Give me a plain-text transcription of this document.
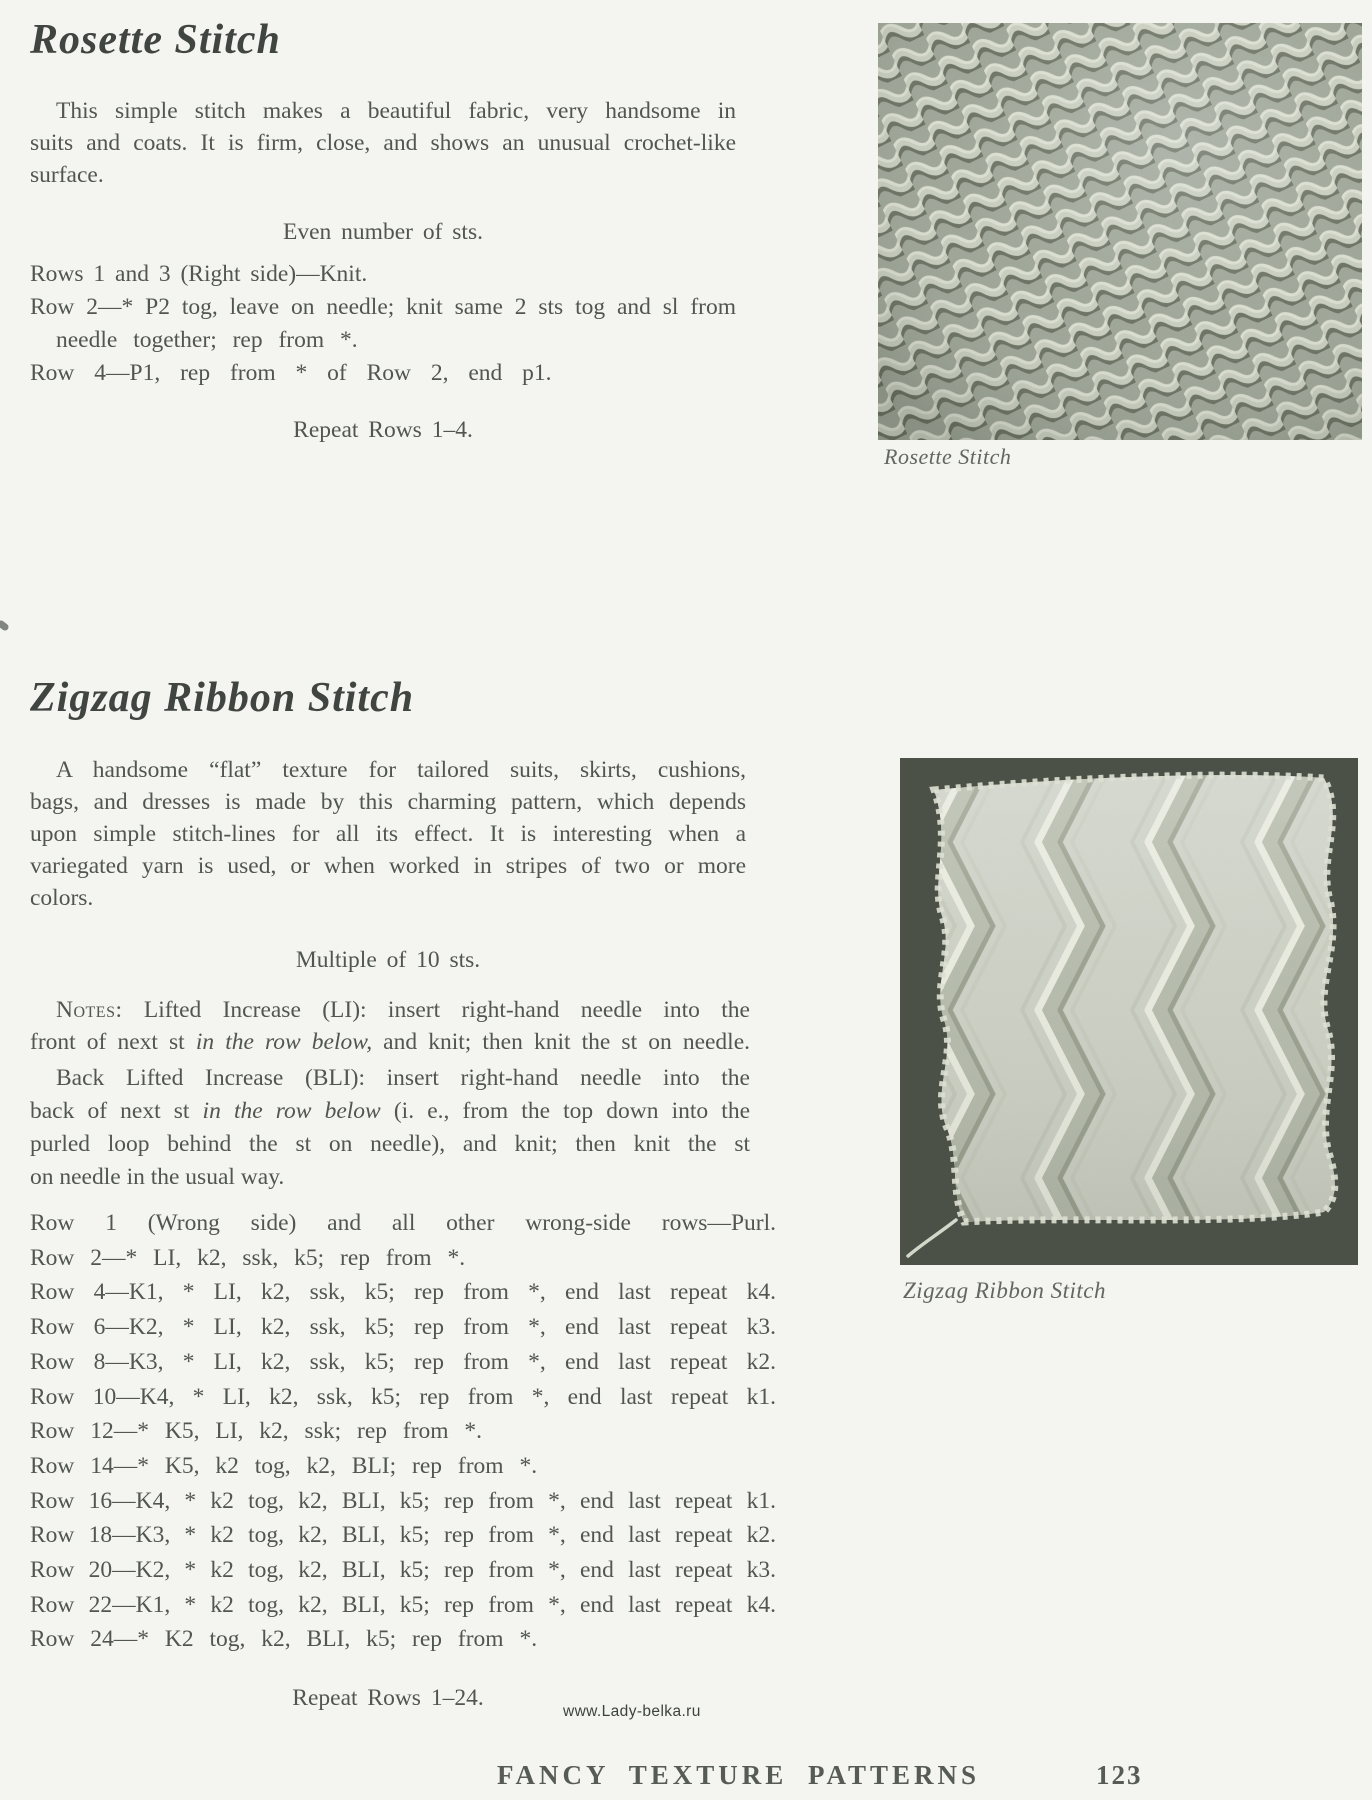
Rosette Stitch
This simple stitch makes a beautiful fabric, very handsome in
suits and coats. It is firm, close, and shows an unusual crochet-like
surface.
Even number of sts.
Rows 1 and 3 (Right side)—Knit.
Row 2—* P2 tog, leave on needle; knit same 2 sts tog and sl from
needle together; rep from *.
Row 4—P1, rep from * of Row 2, end p1.
Repeat Rows 1–4.
Rosette Stitch
Zigzag Ribbon Stitch
A handsome “flat” texture for tailored suits, skirts, cushions,
bags, and dresses is made by this charming pattern, which depends
upon simple stitch-lines for all its effect. It is interesting when a
variegated yarn is used, or when worked in stripes of two or more
colors.
Multiple of 10 sts.
Notes: Lifted Increase (LI): insert right-hand needle into the
front of next st in the row below, and knit; then knit the st on needle.
Back Lifted Increase (BLI): insert right-hand needle into the
back of next st in the row below (i. e., from the top down into the
purled loop behind the st on needle), and knit; then knit the st
on needle in the usual way.
Row 1 (Wrong side) and all other wrong-side rows—Purl.
Row 2—* LI, k2, ssk, k5; rep from *.
Row 4—K1, * LI, k2, ssk, k5; rep from *, end last repeat k4.
Row 6—K2, * LI, k2, ssk, k5; rep from *, end last repeat k3.
Row 8—K3, * LI, k2, ssk, k5; rep from *, end last repeat k2.
Row 10—K4, * LI, k2, ssk, k5; rep from *, end last repeat k1.
Row 12—* K5, LI, k2, ssk; rep from *.
Row 14—* K5, k2 tog, k2, BLI; rep from *.
Row 16—K4, * k2 tog, k2, BLI, k5; rep from *, end last repeat k1.
Row 18—K3, * k2 tog, k2, BLI, k5; rep from *, end last repeat k2.
Row 20—K2, * k2 tog, k2, BLI, k5; rep from *, end last repeat k3.
Row 22—K1, * k2 tog, k2, BLI, k5; rep from *, end last repeat k4.
Row 24—* K2 tog, k2, BLI, k5; rep from *.
Repeat Rows 1–24.
Zigzag Ribbon Stitch
FANCY TEXTURE PATTERNS	123
www.Lady-belka.ru
